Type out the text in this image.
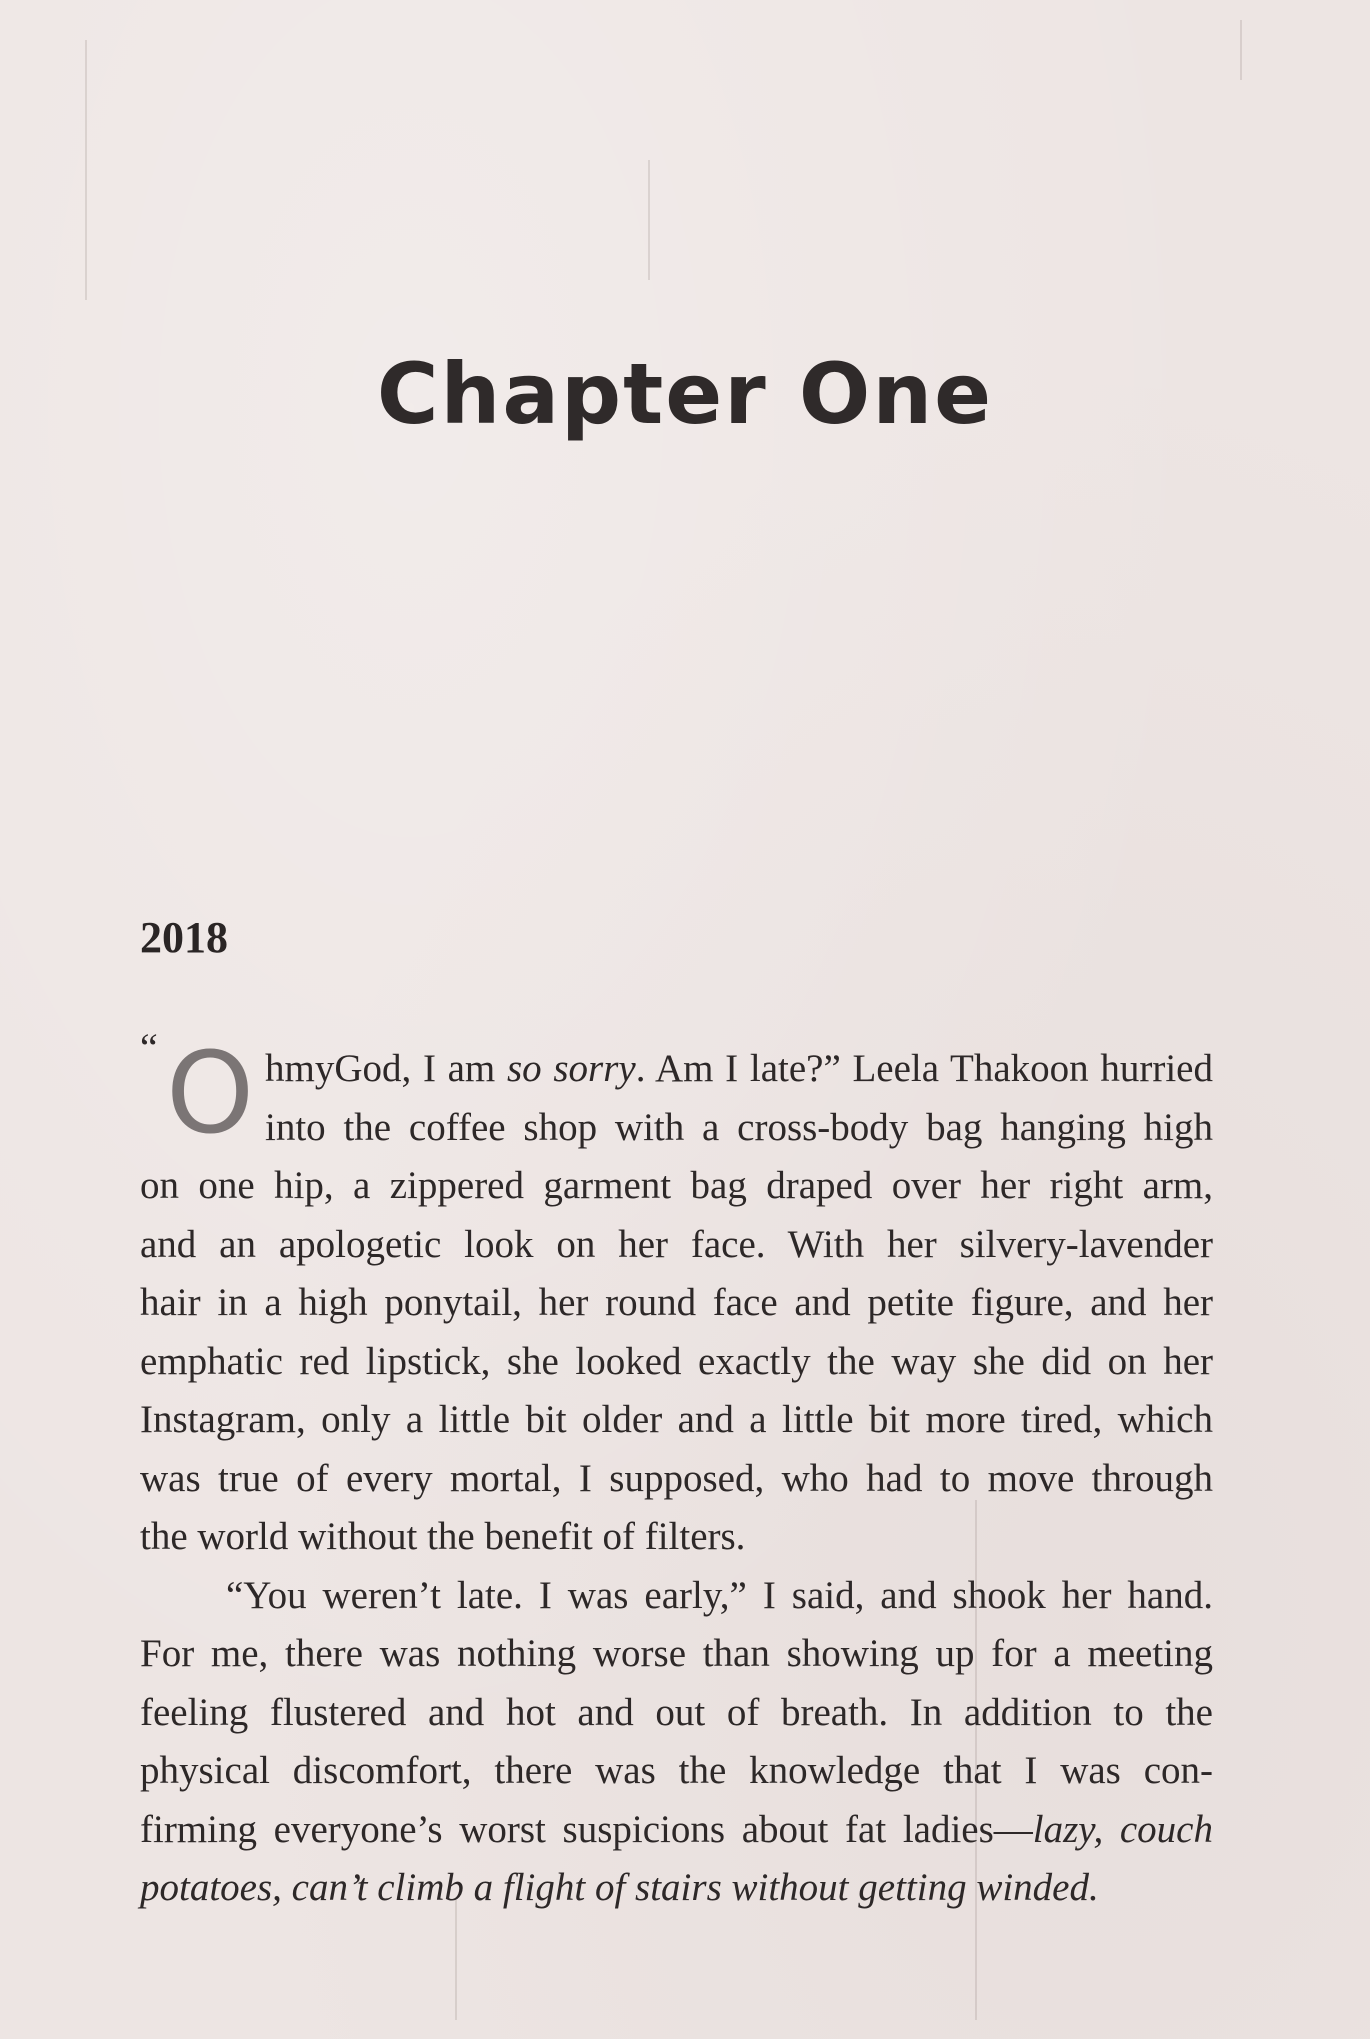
Chapter One
2018
“ O hmyGod, I am so sorry. Am I late?” Leela Thakoon hurried
into the coffee shop with a cross-body bag hanging high
on one hip, a zippered garment bag draped over her right arm,
and an apologetic look on her face. With her silvery-lavender
hair in a high ponytail, her round face and petite figure, and her
emphatic red lipstick, she looked exactly the way she did on her
Instagram, only a little bit older and a little bit more tired, which
was true of every mortal, I supposed, who had to move through
the world without the benefit of filters.
“You weren’t late. I was early,” I said, and shook her hand.
For me, there was nothing worse than showing up for a meeting
feeling flustered and hot and out of breath. In addition to the
physical discomfort, there was the knowledge that I was con-
firming everyone’s worst suspicions about fat ladies—lazy, couch
potatoes, can’t climb a flight of stairs without getting winded.
